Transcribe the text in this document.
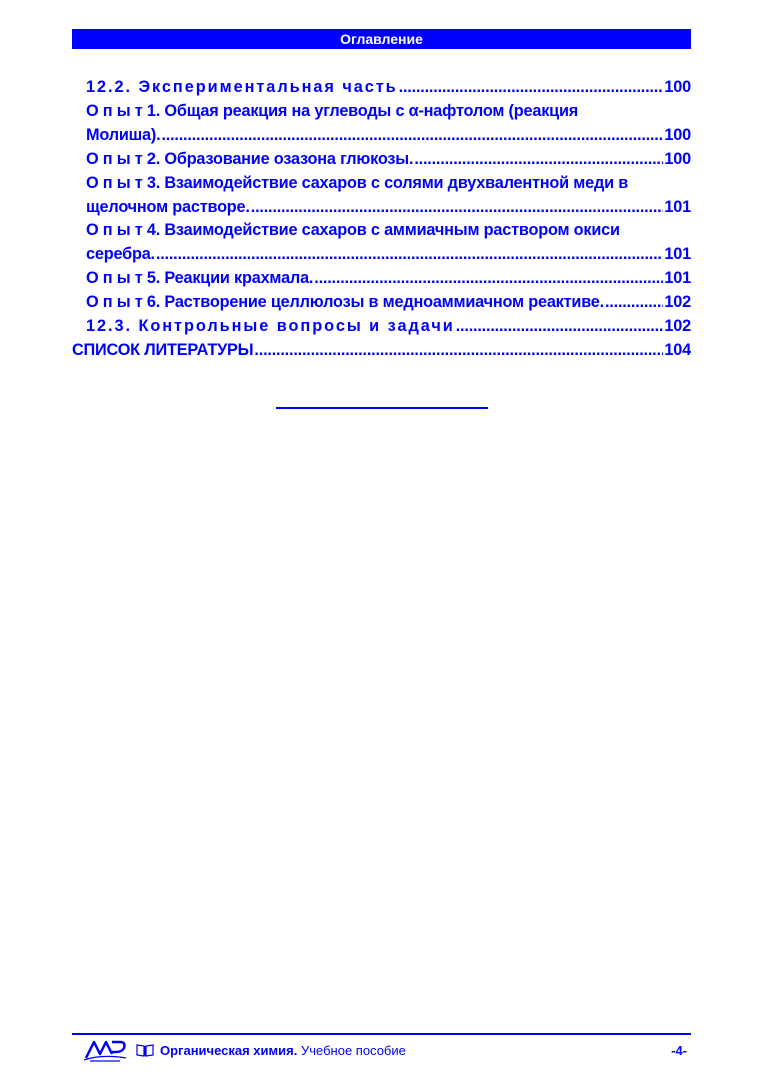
Оглавление
12.2. Экспериментальная часть .....	100
О п ы т 1. Общая реакция на углеводы с α-нафтолом (реакция
Молиша). .....	100
О п ы т 2. Образование озазона глюкозы. .....	100
О п ы т 3. Взаимодействие сахаров с солями двухвалентной меди в
щелочном растворе. .....	101
О п ы т 4. Взаимодействие сахаров с аммиачным раствором окиси
серебра. .....	101
О п ы т 5. Реакции крахмала. .....	101
О п ы т 6. Растворение целлюлозы в медноаммиачном реактиве. .....	102
12.3. Контрольные вопросы и задачи .....	102
СПИСОК ЛИТЕРАТУРЫ .....	104
Органическая химия. Учебное пособие	-4-
